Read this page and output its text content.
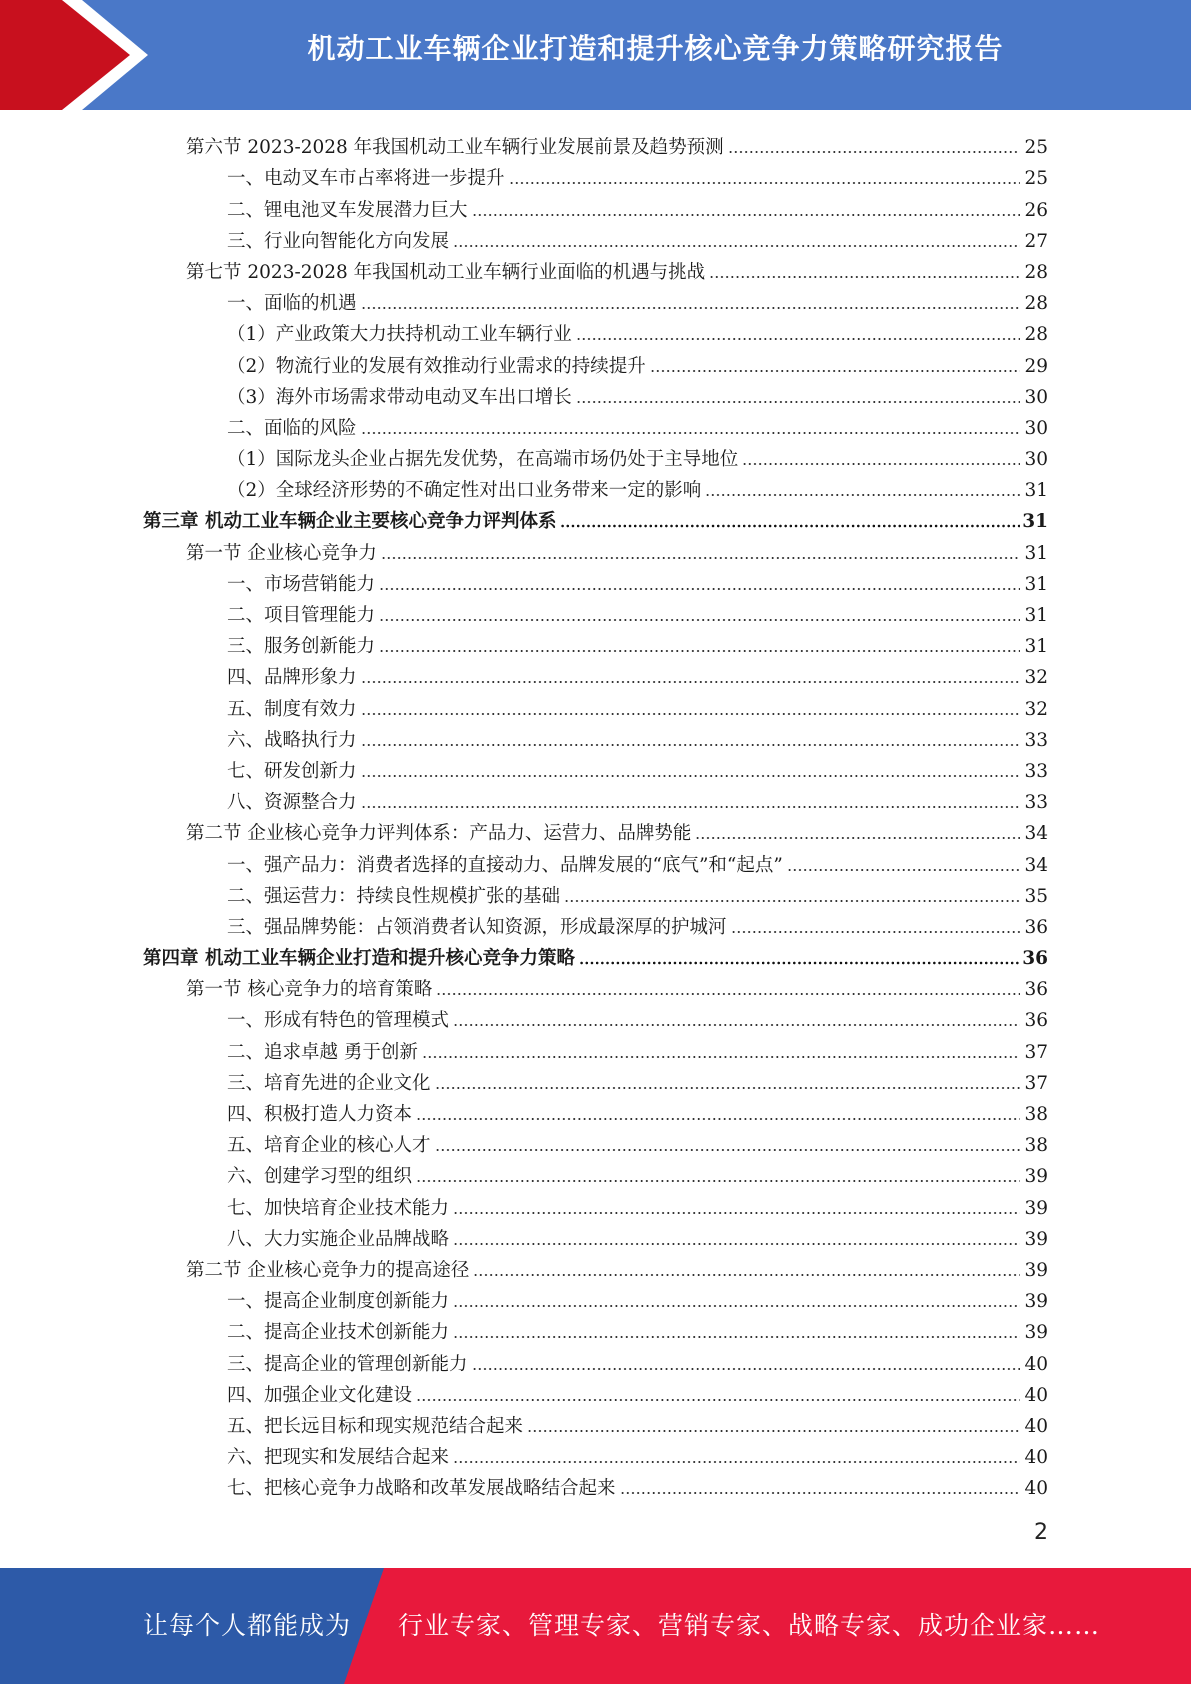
机动工业车辆企业打造和提升核心竞争力策略研究报告
第六节 2023-2028 年我国机动工业车辆行业发展前景及趋势预测	25
一、电动叉车市占率将进一步提升	25
二、锂电池叉车发展潜力巨大	26
三、行业向智能化方向发展	27
第七节 2023-2028 年我国机动工业车辆行业面临的机遇与挑战	28
一、面临的机遇	28
（1）产业政策大力扶持机动工业车辆行业	28
（2）物流行业的发展有效推动行业需求的持续提升	29
（3）海外市场需求带动电动叉车出口增长	30
二、面临的风险	30
（1）国际龙头企业占据先发优势，在高端市场仍处于主导地位	30
（2）全球经济形势的不确定性对出口业务带来一定的影响	31
第三章 机动工业车辆企业主要核心竞争力评判体系	31
第一节 企业核心竞争力	31
一、市场营销能力	31
二、项目管理能力	31
三、服务创新能力	31
四、品牌形象力	32
五、制度有效力	32
六、战略执行力	33
七、研发创新力	33
八、资源整合力	33
第二节 企业核心竞争力评判体系：产品力、运营力、品牌势能	34
一、强产品力：消费者选择的直接动力、品牌发展的“底气”和“起点”	34
二、强运营力：持续良性规模扩张的基础	35
三、强品牌势能：占领消费者认知资源，形成最深厚的护城河	36
第四章 机动工业车辆企业打造和提升核心竞争力策略	36
第一节 核心竞争力的培育策略	36
一、形成有特色的管理模式	36
二、追求卓越 勇于创新	37
三、培育先进的企业文化	37
四、积极打造人力资本	38
五、培育企业的核心人才	38
六、创建学习型的组织	39
七、加快培育企业技术能力	39
八、大力实施企业品牌战略	39
第二节 企业核心竞争力的提高途径	39
一、提高企业制度创新能力	39
二、提高企业技术创新能力	39
三、提高企业的管理创新能力	40
四、加强企业文化建设	40
五、把长远目标和现实规范结合起来	40
六、把现实和发展结合起来	40
七、把核心竞争力战略和改革发展战略结合起来	40
2
让每个人都能成为 行业专家、管理专家、营销专家、战略专家、成功企业家……
